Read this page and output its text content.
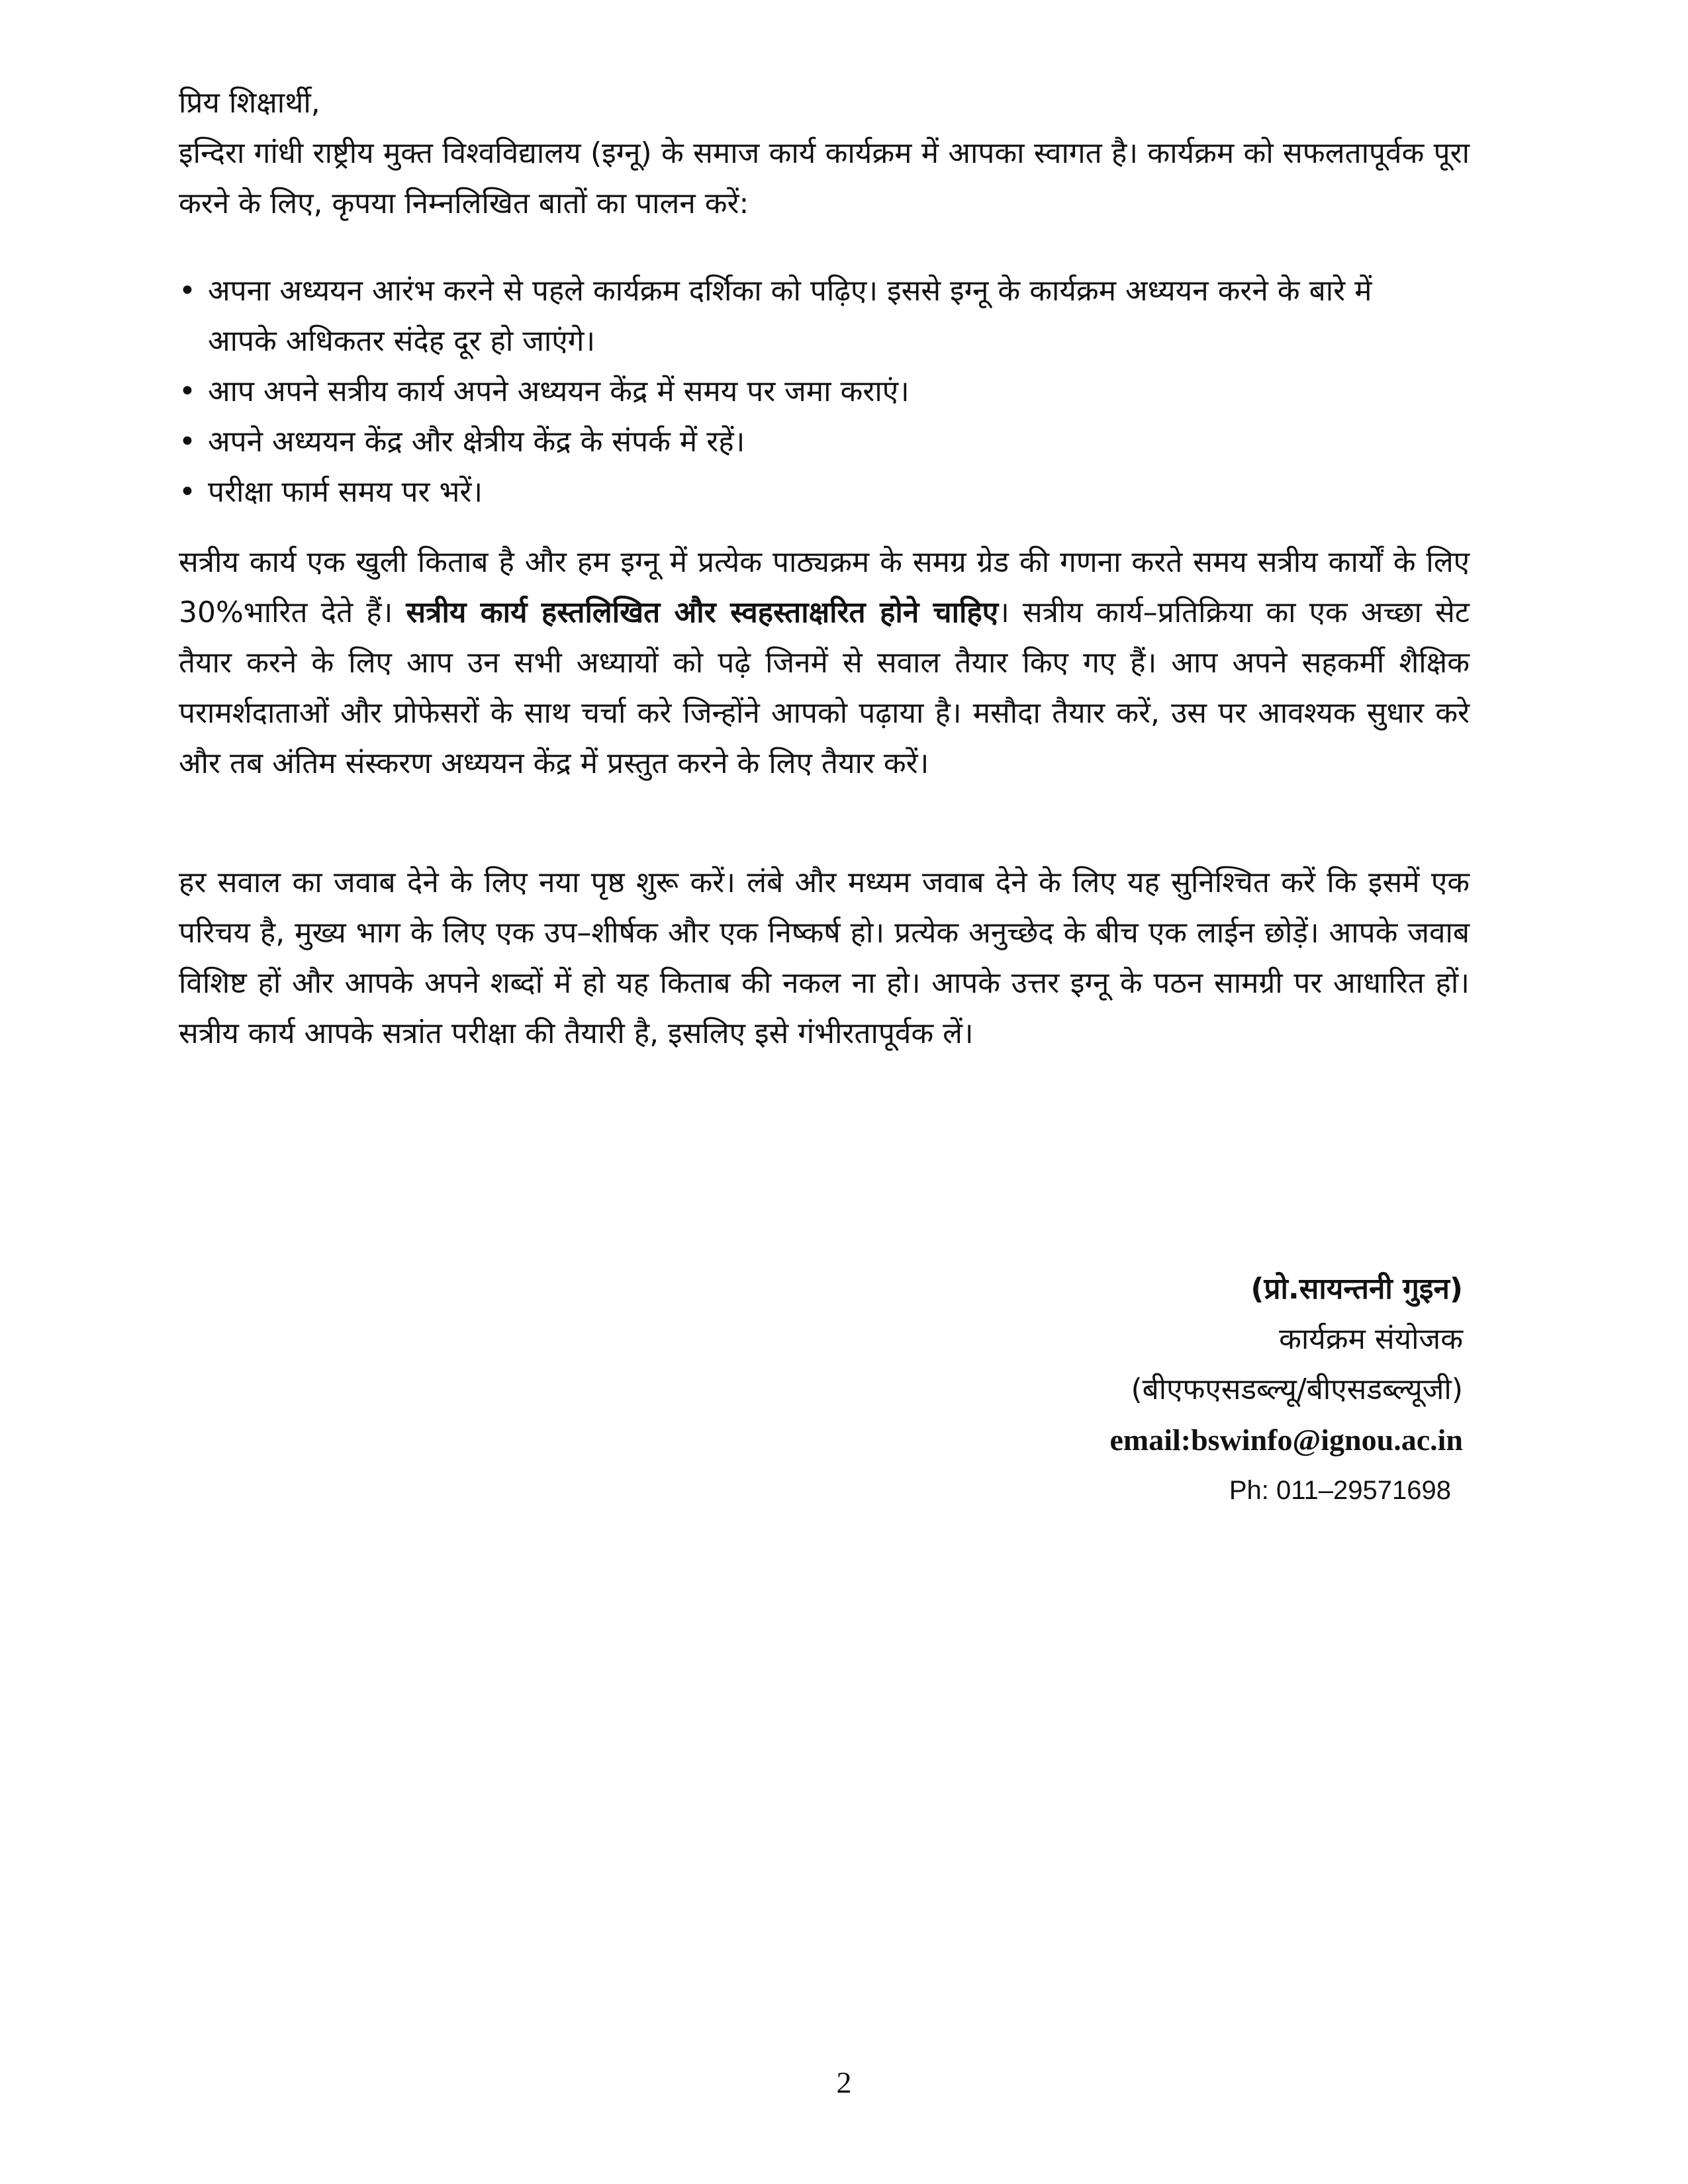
प्रिय शिक्षार्थी,
इन्दिरा गांधी राष्ट्रीय मुक्त विश्वविद्यालय (इग्नू) के समाज कार्य कार्यक्रम में आपका स्वागत है। कार्यक्रम को सफलतापूर्वक पूरा करने के लिए, कृपया निम्नलिखित बातों का पालन करें:
• अपना अध्ययन आरंभ करने से पहले कार्यक्रम दर्शिका को पढ़िए। इससे इग्नू के कार्यक्रम अध्ययन करने के बारे में आपके अधिकतर संदेह दूर हो जाएंगे।
• आप अपने सत्रीय कार्य अपने अध्ययन केंद्र में समय पर जमा कराएं।
• अपने अध्ययन केंद्र और क्षेत्रीय केंद्र के संपर्क में रहें।
• परीक्षा फार्म समय पर भरें।
सत्रीय कार्य एक खुली किताब है और हम इग्नू में प्रत्येक पाठ्यक्रम के समग्र ग्रेड की गणना करते समय सत्रीय कार्यों के लिए 30%भारित देते हैं। सत्रीय कार्य हस्तलिखित और स्वहस्ताक्षरित होने चाहिए। सत्रीय कार्य–प्रतिक्रिया का एक अच्छा सेट तैयार करने के लिए आप उन सभी अध्यायों को पढ़े जिनमें से सवाल तैयार किए गए हैं। आप अपने सहकर्मी शैक्षिक परामर्शदाताओं और प्रोफेसरों के साथ चर्चा करे जिन्होंने आपको पढ़ाया है। मसौदा तैयार करें, उस पर आवश्यक सुधार करे और तब अंतिम संस्करण अध्ययन केंद्र में प्रस्तुत करने के लिए तैयार करें।
हर सवाल का जवाब देने के लिए नया पृष्ठ शुरू करें। लंबे और मध्यम जवाब देने के लिए यह सुनिश्चित करें कि इसमें एक परिचय है, मुख्य भाग के लिए एक उप–शीर्षक और एक निष्कर्ष हो। प्रत्येक अनुच्छेद के बीच एक लाईन छोड़ें। आपके जवाब विशिष्ट हों और आपके अपने शब्दों में हो यह किताब की नकल ना हो। आपके उत्तर इग्नू के पठन सामग्री पर आधारित हों। सत्रीय कार्य आपके सत्रांत परीक्षा की तैयारी है, इसलिए इसे गंभीरतापूर्वक लें।
(प्रो.सायन्तनी गुइन)
कार्यक्रम संयोजक
(बीएफएसडब्ल्यू/बीएसडब्ल्यूजी)
email:bswinfo@ignou.ac.in
Ph: 011–29571698
2
